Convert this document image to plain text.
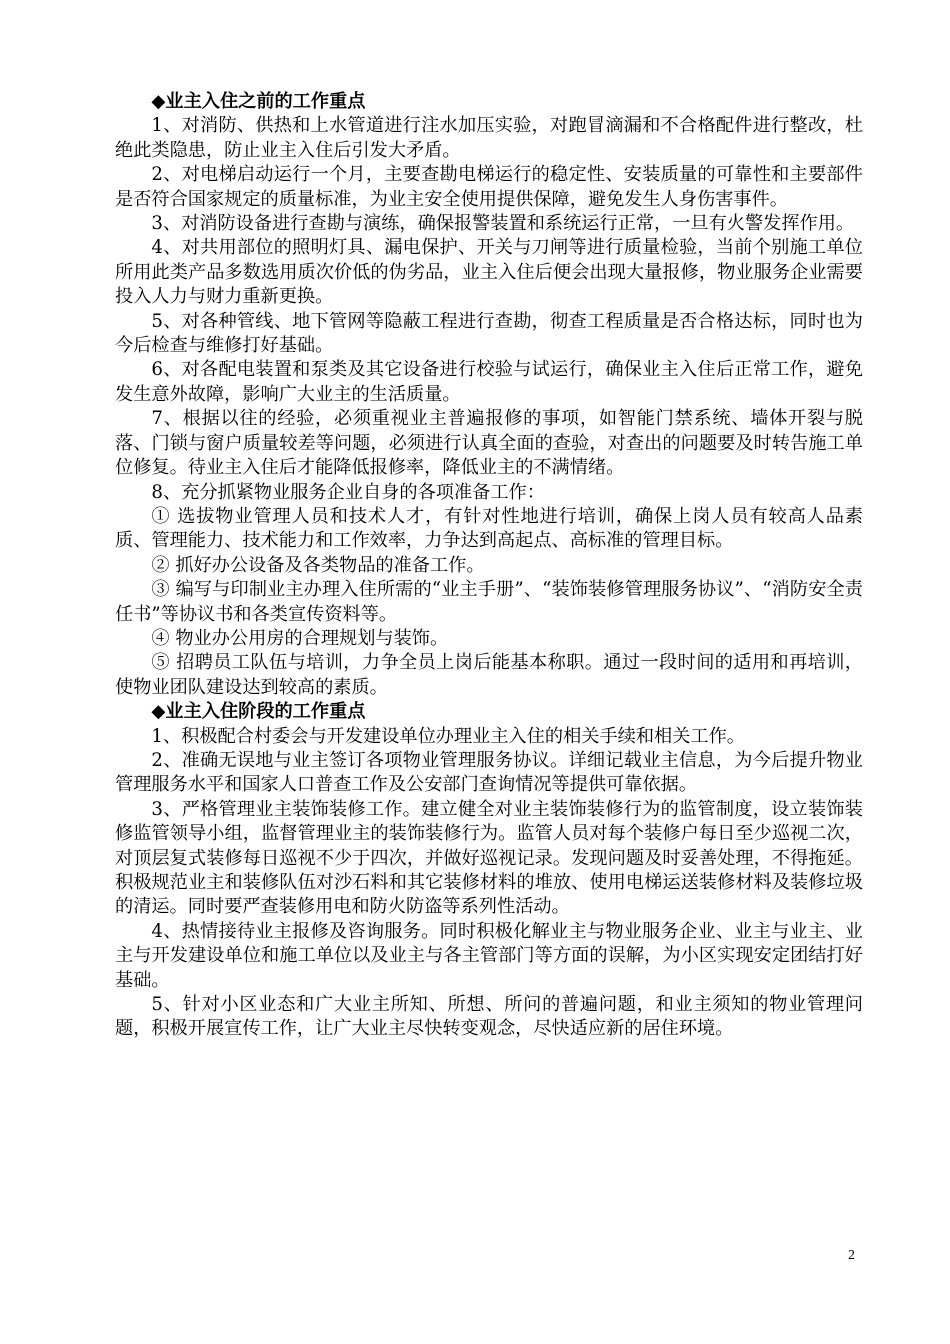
◆业主入住之前的工作重点

1、对消防、供热和上水管道进行注水加压实验，对跑冒滴漏和不合格配件进行整改，杜绝此类隐患，防止业主入住后引发大矛盾。

2、对电梯启动运行一个月，主要查勘电梯运行的稳定性、安装质量的可靠性和主要部件是否符合国家规定的质量标准，为业主安全使用提供保障，避免发生人身伤害事件。

3、对消防设备进行查勘与演练，确保报警装置和系统运行正常，一旦有火警发挥作用。

4、对共用部位的照明灯具、漏电保护、开关与刀闸等进行质量检验，当前个别施工单位所用此类产品多数选用质次价低的伪劣品，业主入住后便会出现大量报修，物业服务企业需要投入人力与财力重新更换。

5、对各种管线、地下管网等隐蔽工程进行查勘，彻查工程质量是否合格达标，同时也为今后检查与维修打好基础。

6、对各配电装置和泵类及其它设备进行校验与试运行，确保业主入住后正常工作，避免发生意外故障，影响广大业主的生活质量。

7、根据以往的经验，必须重视业主普遍报修的事项，如智能门禁系统、墙体开裂与脱落、门锁与窗户质量较差等问题，必须进行认真全面的查验，对查出的问题要及时转告施工单位修复。待业主入住后才能降低报修率，降低业主的不满情绪。

8、充分抓紧物业服务企业自身的各项准备工作：

① 选拔物业管理人员和技术人才，有针对性地进行培训，确保上岗人员有较高人品素质、管理能力、技术能力和工作效率，力争达到高起点、高标准的管理目标。

② 抓好办公设备及各类物品的准备工作。

③ 编写与印制业主办理入住所需的“业主手册”、“装饰装修管理服务协议”、“消防安全责任书”等协议书和各类宣传资料等。

④ 物业办公用房的合理规划与装饰。

⑤ 招聘员工队伍与培训，力争全员上岗后能基本称职。通过一段时间的适用和再培训，使物业团队建设达到较高的素质。

◆业主入住阶段的工作重点

1、积极配合村委会与开发建设单位办理业主入住的相关手续和相关工作。

2、准确无误地与业主签订各项物业管理服务协议。详细记载业主信息，为今后提升物业管理服务水平和国家人口普查工作及公安部门查询情况等提供可靠依据。

3、严格管理业主装饰装修工作。建立健全对业主装饰装修行为的监管制度，设立装饰装修监管领导小组，监督管理业主的装饰装修行为。监管人员对每个装修户每日至少巡视二次，对顶层复式装修每日巡视不少于四次，并做好巡视记录。发现问题及时妥善处理，不得拖延。积极规范业主和装修队伍对沙石料和其它装修材料的堆放、使用电梯运送装修材料及装修垃圾的清运。同时要严查装修用电和防火防盗等系列性活动。

4、热情接待业主报修及咨询服务。同时积极化解业主与物业服务企业、业主与业主、业主与开发建设单位和施工单位以及业主与各主管部门等方面的误解，为小区实现安定团结打好基础。

5、针对小区业态和广大业主所知、所想、所问的普遍问题，和业主须知的物业管理问题，积极开展宣传工作，让广大业主尽快转变观念，尽快适应新的居住环境。

2
